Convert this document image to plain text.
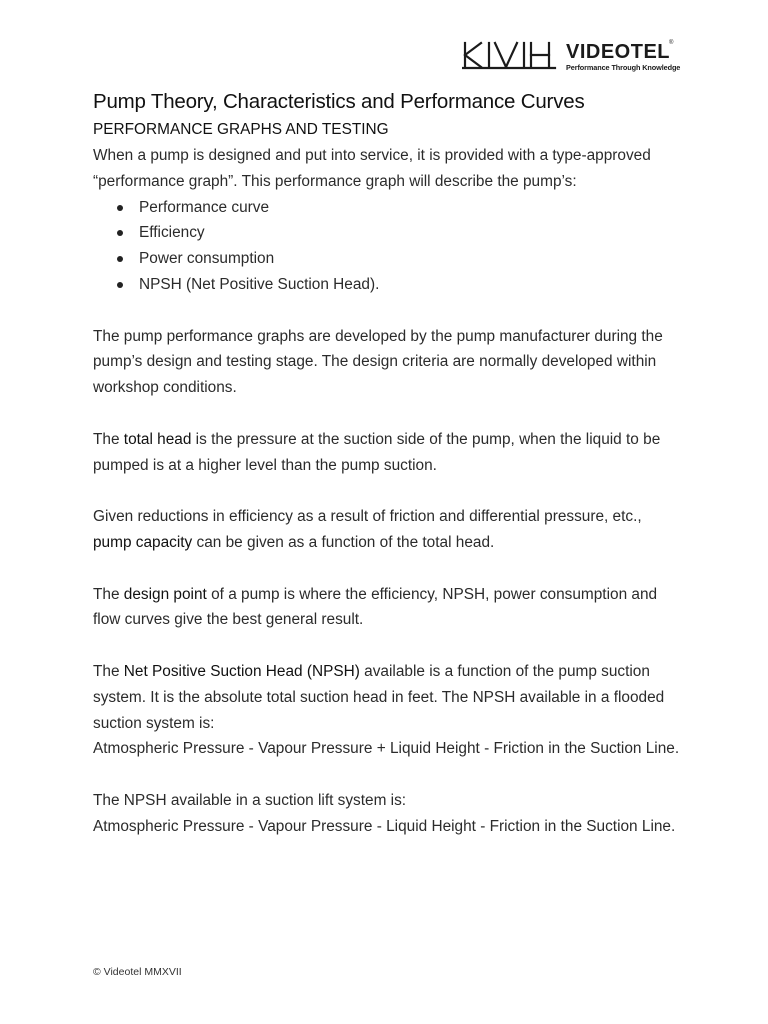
VIDEOTEL
®
Performance Through Knowledge
Pump Theory, Characteristics and Performance Curves
PERFORMANCE GRAPHS AND TESTING

When a pump is designed and put into service, it is provided with a type-approved “performance graph”. This performance graph will describe the pump’s:

Performance curve
Efficiency
Power consumption
NPSH (Net Positive Suction Head).

The pump performance graphs are developed by the pump manufacturer during the pump’s design and testing stage. The design criteria are normally developed within workshop conditions.

The total head is the pressure at the suction side of the pump, when the liquid to be pumped is at a higher level than the pump suction.

Given reductions in efficiency as a result of friction and differential pressure, etc., pump capacity can be given as a function of the total head.

The design point of a pump is where the efficiency, NPSH, power consumption and flow curves give the best general result.

The Net Positive Suction Head (NPSH) available is a function of the pump suction system. It is the absolute total suction head in feet. The NPSH available in a flooded suction system is:

Atmospheric Pressure - Vapour Pressure + Liquid Height - Friction in the Suction Line.

The NPSH available in a suction lift system is:

Atmospheric Pressure - Vapour Pressure - Liquid Height - Friction in the Suction Line.

© Videotel MMXVII
